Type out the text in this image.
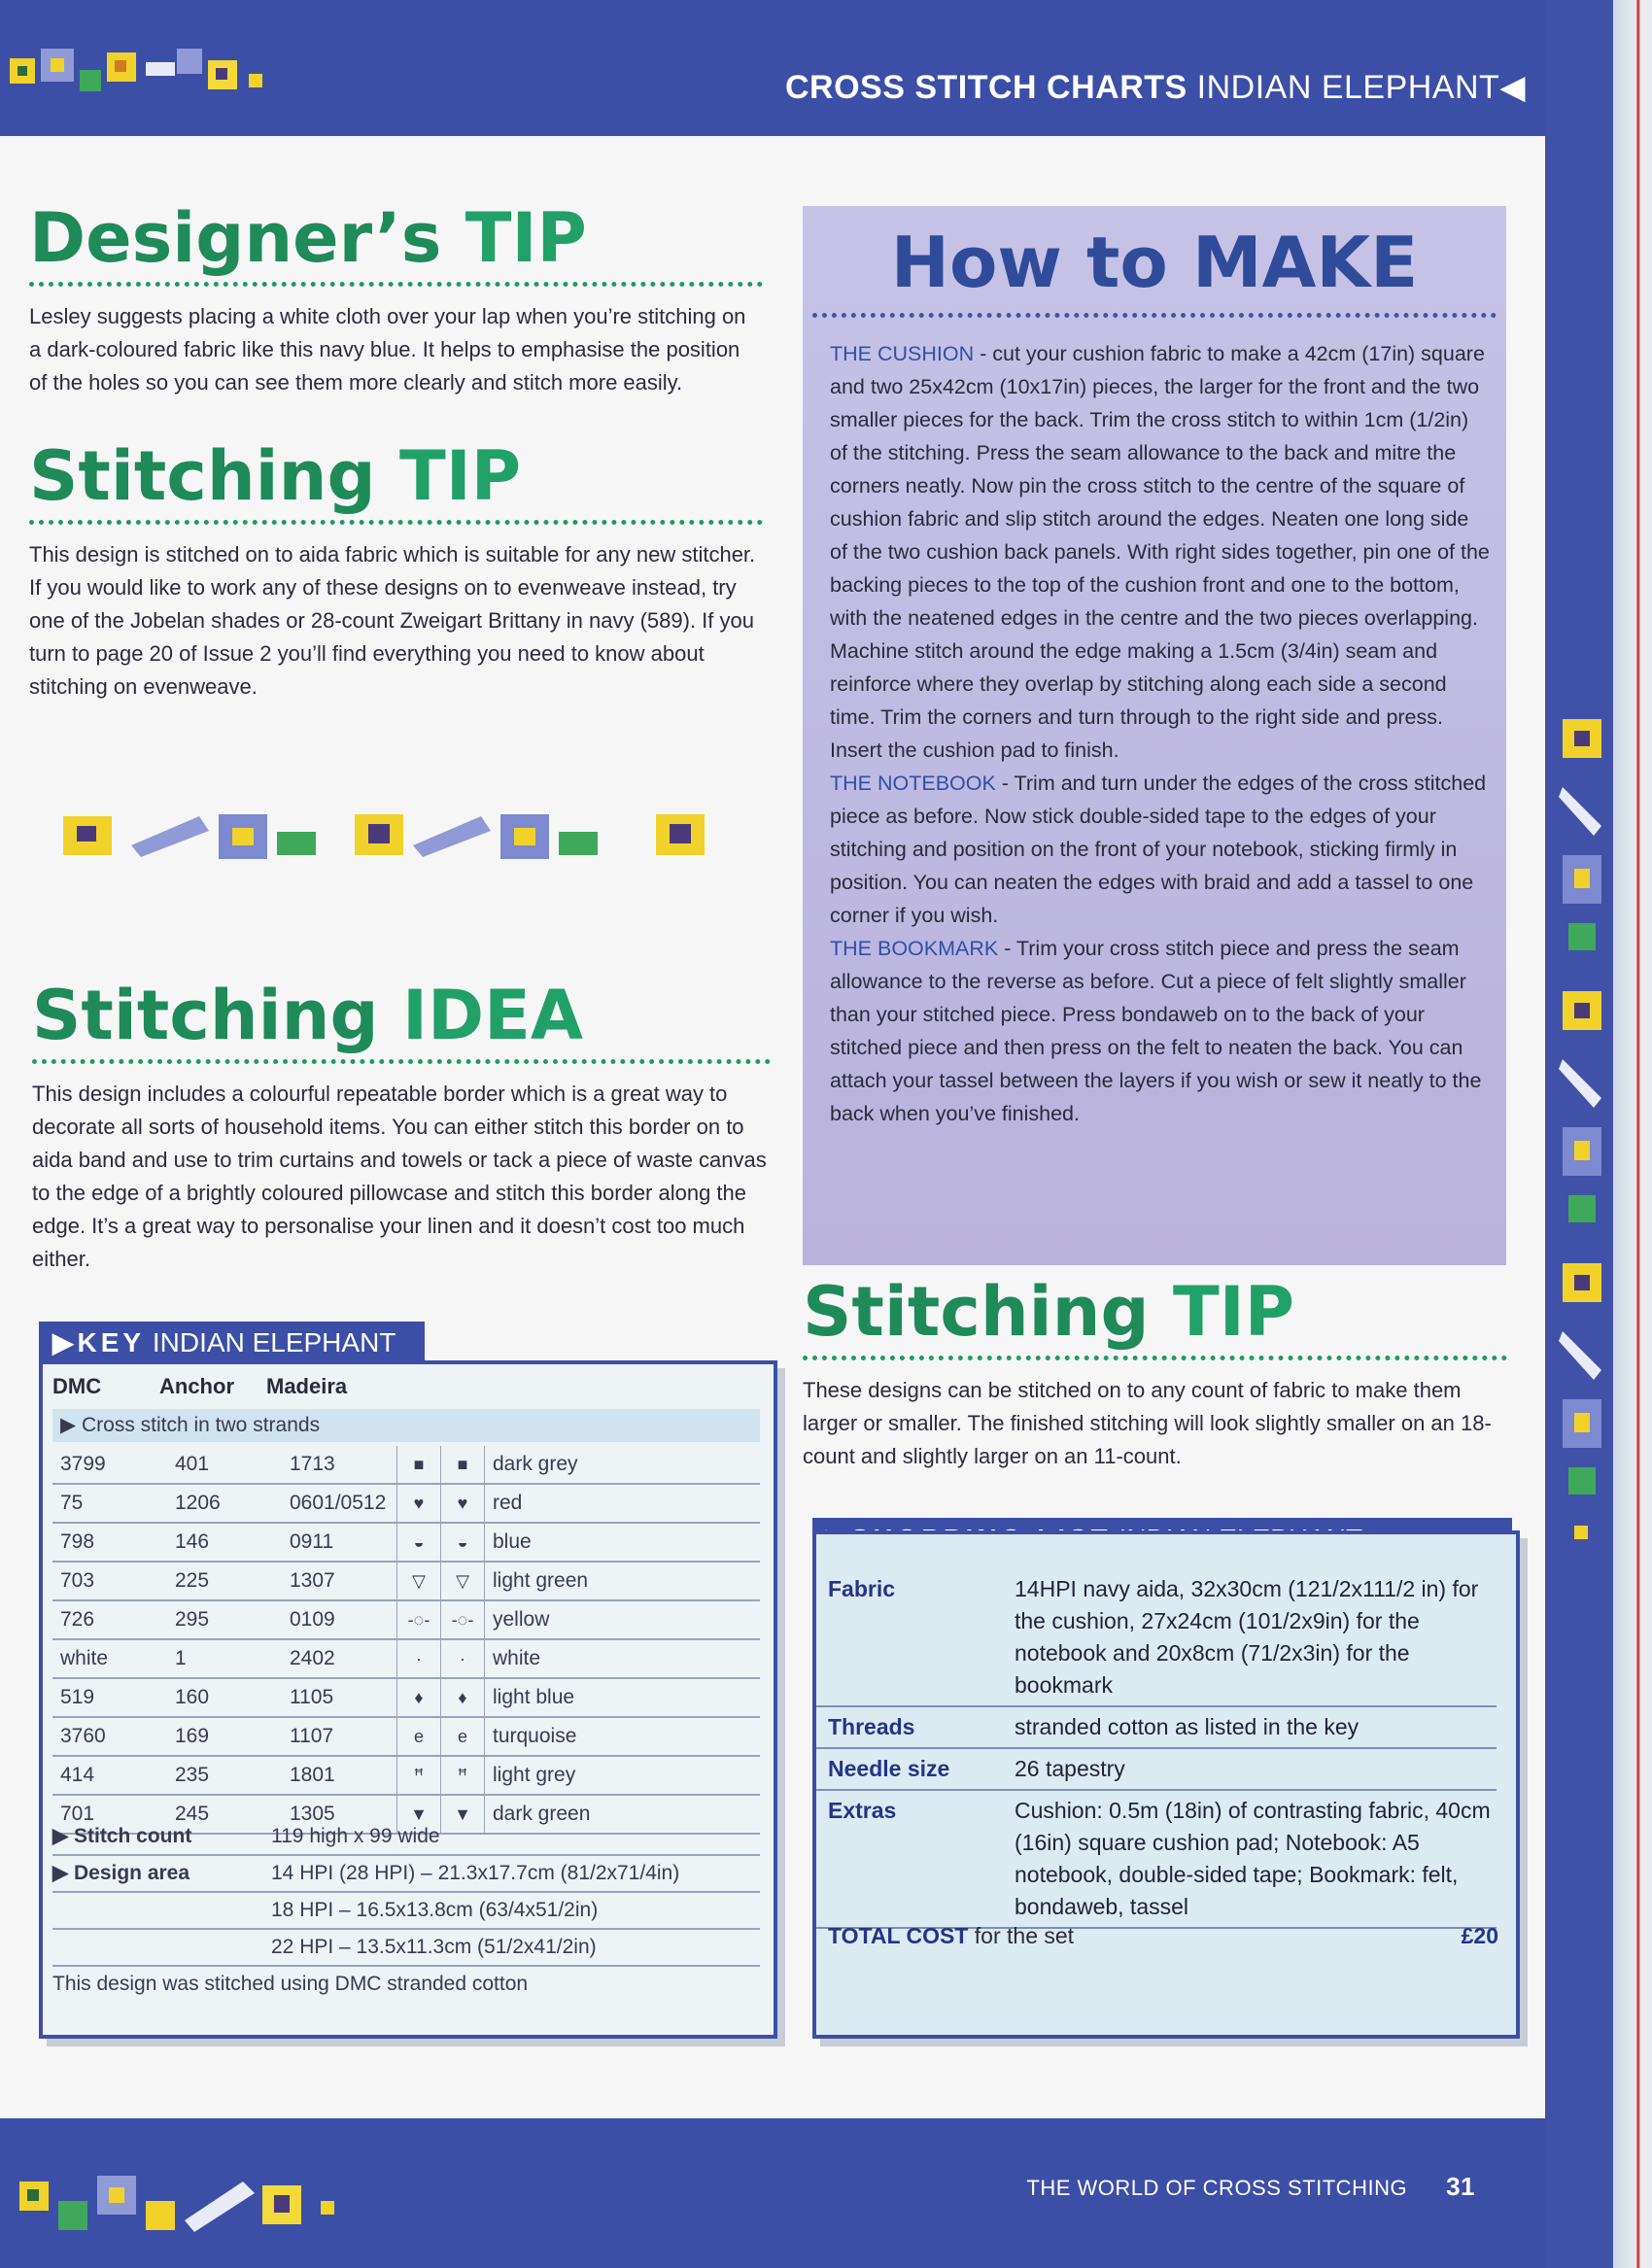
CROSS STITCH CHARTS INDIAN ELEPHANT◀
Designer’s TIP

Lesley suggests placing a white cloth over your lap when you’re stitching on a dark-coloured fabric like this navy blue. It helps to emphasise the position of the holes so you can see them more clearly and stitch more easily.

Stitching TIP

This design is stitched on to aida fabric which is suitable for any new stitcher. If you would like to work any of these designs on to evenweave instead, try one of the Jobelan shades or 28-count Zweigart Brittany in navy (589). If you turn to page 20 of Issue 2 you’ll find everything you need to know about stitching on evenweave.

Stitching IDEA

This design includes a colourful repeatable border which is a great way to decorate all sorts of household items. You can either stitch this border on to aida band and use to trim curtains and towels or tack a piece of waste canvas to the edge of a brightly coloured pillowcase and stitch this border along the edge. It’s a great way to personalise your linen and it doesn’t cost too much either.

How to MAKE

THE CUSHION - cut your cushion fabric to make a 42cm (17in) square and two 25x42cm (10x17in) pieces, the larger for the front and the two smaller pieces for the back. Trim the cross stitch to within 1cm (1/2in) of the stitching. Press the seam allowance to the back and mitre the corners neatly. Now pin the cross stitch to the centre of the square of cushion fabric and slip stitch around the edges. Neaten one long side of the two cushion back panels. With right sides together, pin one of the backing pieces to the top of the cushion front and one to the bottom, with the neatened edges in the centre and the two pieces overlapping. Machine stitch around the edge making a 1.5cm (3/4in) seam and reinforce where they overlap by stitching along each side a second time. Trim the corners and turn through to the right side and press. Insert the cushion pad to finish.

THE NOTEBOOK - Trim and turn under the edges of the cross stitched piece as before. Now stick double-sided tape to the edges of your stitching and position on the front of your notebook, sticking firmly in position. You can neaten the edges with braid and add a tassel to one corner if you wish.

THE BOOKMARK - Trim your cross stitch piece and press the seam allowance to the reverse as before. Cut a piece of felt slightly smaller than your stitched piece. Press bondaweb on to the back of your stitched piece and then press on the felt to neaten the back. You can attach your tassel between the layers if you wish or sew it neatly to the back when you’ve finished.

Stitching TIP

These designs can be stitched on to any count of fabric to make them larger or smaller. The finished stitching will look slightly smaller on an 18-count and slightly larger on an 11-count.

▶KEY INDIAN ELEPHANT
DMC	Anchor Madeira
▶ Cross stitch in two strands
3799	401	1713	■	■	dark grey
75	1206	0601/0512	♥	♥	red
798	146	0911	◒	◒	blue
703	225	1307	▽	▽	light green
726	295	0109	-◌-	-◌-	yellow
white	1	2402	·	·	white
519	160	1105	♦	♦	light blue
3760	169	1107	e	e	turquoise
414	235	1801	ꟸ	ꟸ	light grey
701	245	1305	▼	▼	dark green
▶ Stitch count	119 high x 99 wide
▶ Design area	14 HPI (28 HPI) – 21.3x17.7cm (81/2x71/4in)
18 HPI – 16.5x13.8cm (63/4x51/2in)
22 HPI – 13.5x11.3cm (51/2x41/2in)
This design was stitched using DMC stranded cotton
Fabric	14HPI navy aida, 32x30cm (121/2x111/2 in) for the cushion, 27x24cm (101/2x9in) for the notebook and 20x8cm (71/2x3in) for the bookmark
Threads	stranded cotton as listed in the key
Needle size	26 tapestry
Extras	Cushion: 0.5m (18in) of contrasting fabric, 40cm (16in) square cushion pad; Notebook: A5 notebook, double-sided tape; Bookmark: felt, bondaweb, tassel
TOTAL COST for the set	£20
THE WORLD OF CROSS STITCHING 31
